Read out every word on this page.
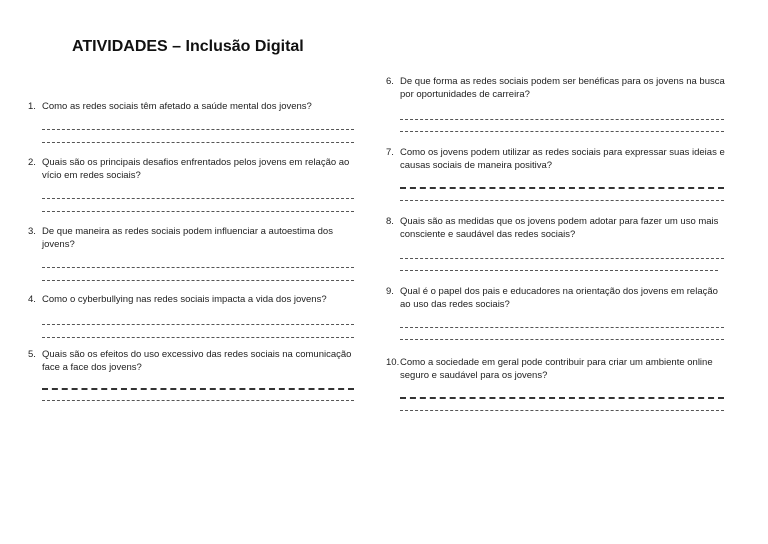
ATIVIDADES – Inclusão Digital
1. Como as redes sociais têm afetado a saúde mental dos jovens?
2. Quais são os principais desafios enfrentados pelos jovens em relação ao vício em redes sociais?
3. De que maneira as redes sociais podem influenciar a autoestima dos jovens?
4. Como o cyberbullying nas redes sociais impacta a vida dos jovens?
5. Quais são os efeitos do uso excessivo das redes sociais na comunicação face a face dos jovens?
6. De que forma as redes sociais podem ser benéficas para os jovens na busca por oportunidades de carreira?
7. Como os jovens podem utilizar as redes sociais para expressar suas ideias e causas sociais de maneira positiva?
8. Quais são as medidas que os jovens podem adotar para fazer um uso mais consciente e saudável das redes sociais?
9. Qual é o papel dos pais e educadores na orientação dos jovens em relação ao uso das redes sociais?
10. Como a sociedade em geral pode contribuir para criar um ambiente online seguro e saudável para os jovens?
